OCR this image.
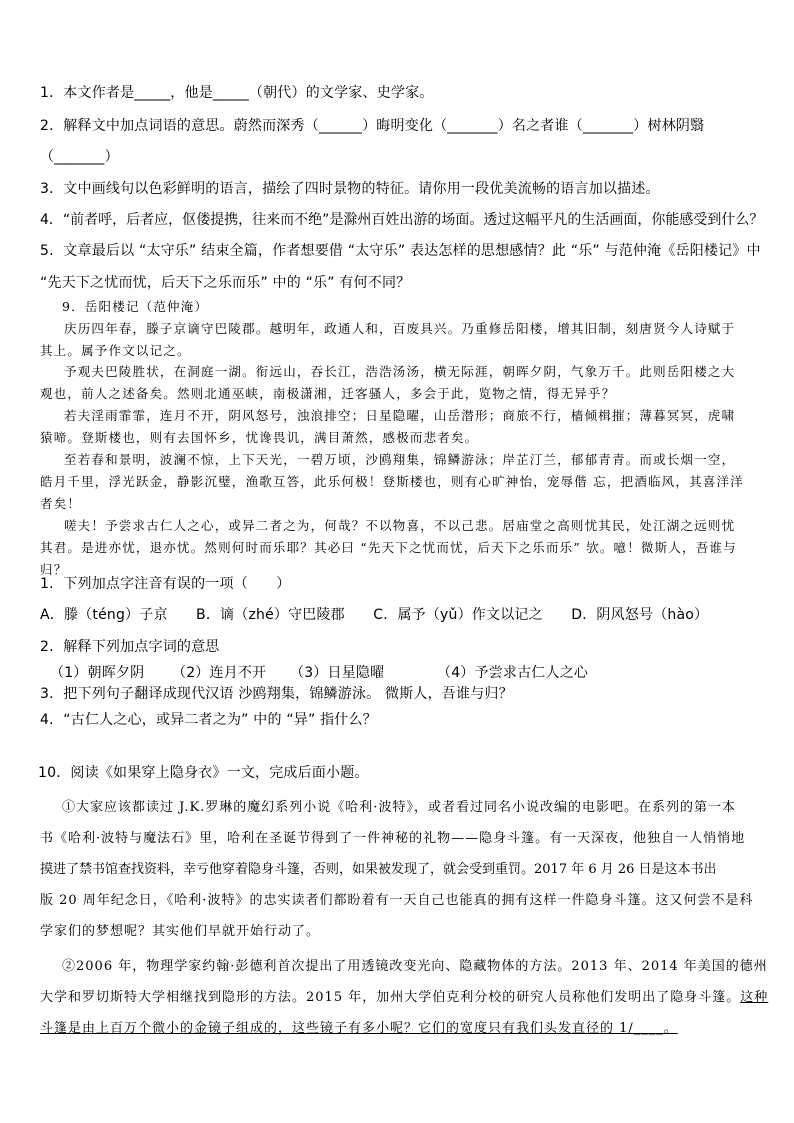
1．本文作者是_____，他是_____（朝代）的文学家、史学家。
2．解释文中加点词语的意思。蔚然而深秀（______）晦明变化（_______）名之者谁（_______）树林阴翳
（_______）
3．文中画线句以色彩鲜明的语言，描绘了四时景物的特征。请你用一段优美流畅的语言加以描述。
4．“前者呼，后者应，伛偻提携，往来而不绝”是滁州百姓出游的场面。透过这幅平凡的生活画面，你能感受到什么？
5．文章最后以 “太守乐” 结束全篇，作者想要借 “太守乐” 表达怎样的思想感情？此 “乐” 与范仲淹《岳阳楼记》中
“先天下之忧而忧，后天下之乐而乐” 中的 “乐” 有何不同？
9．岳阳楼记（范仲淹）
庆历四年春，滕子京谪守巴陵郡。越明年，政通人和，百废具兴。乃重修岳阳楼，增其旧制，刻唐贤今人诗赋于
其上。属予作文以记之。
予观夫巴陵胜状，在洞庭一湖。衔远山，吞长江，浩浩汤汤，横无际涯，朝晖夕阴，气象万千。此则岳阳楼之大
观也，前人之述备矣。然则北通巫峡，南极潇湘，迁客骚人，多会于此，览物之情，得无异乎？
若夫淫雨霏霏，连月不开，阴风怒号，浊浪排空；日星隐曜，山岳潜形；商旅不行，樯倾楫摧；薄暮冥冥，虎啸
猿啼。登斯楼也，则有去国怀乡，忧谗畏讥，满目萧然，感极而悲者矣。
至若春和景明，波澜不惊，上下天光，一碧万顷，沙鸥翔集，锦鳞游泳；岸芷汀兰，郁郁青青。而或长烟一空，
皓月千里，浮光跃金，静影沉璧，渔歌互答，此乐何极！登斯楼也，则有心旷神怡，宠辱偕 忘，把酒临风，其喜洋洋
者矣！
嗟夫！予尝求古仁人之心，或异二者之为，何哉？不以物喜，不以己悲。居庙堂之高则忧其民，处江湖之远则忧
其君。是进亦忧，退亦忧。然则何时而乐耶？其必曰 “先天下之忧而忧，后天下之乐而乐” 欤。噫！微斯人，吾谁与
归？
1．下列加点字注音有误的一项（　　）
A．滕（téng）子京　　B．谪（zhé）守巴陵郡　　C．属予（yǔ）作文以记之　　D．阴风怒号（hào）
2．解释下列加点字词的意思
（1）朝晖夕阴 （2）连月不开 （3）日星隐曜	（4）予尝求古仁人之心
3．把下列句子翻译成现代汉语 沙鸥翔集，锦鳞游泳。 微斯人，吾谁与归？
4．“古仁人之心，或异二者之为” 中的 “异” 指什么？
10．阅读《如果穿上隐身衣》一文，完成后面小题。
①大家应该都读过 J.K.罗琳的魔幻系列小说《哈利·波特》，或者看过同名小说改编的电影吧。在系列的第一本
书《哈利·波特与魔法石》里，哈利在圣诞节得到了一件神秘的礼物——隐身斗篷。有一天深夜，他独自一人悄悄地
摸进了禁书馆查找资料，幸亏他穿着隐身斗篷，否则，如果被发现了，就会受到重罚。2017 年 6 月 26 日是这本书出
版 20 周年纪念日，《哈利·波特》的忠实读者们都盼着有一天自己也能真的拥有这样一件隐身斗篷。这又何尝不是科
学家们的梦想呢？其实他们早就开始行动了。
②2006 年，物理学家约翰·彭德利首次提出了用透镜改变光向、隐藏物体的方法。2013 年、2014 年美国的德州
大学和罗切斯特大学相继找到隐形的方法。2015 年，加州大学伯克利分校的研究人员称他们发明出了隐身斗篷。这种
斗篷是由上百万个微小的金镜子组成的，这些镜子有多小呢？它们的宽度只有我们头发直径的 1/____。
